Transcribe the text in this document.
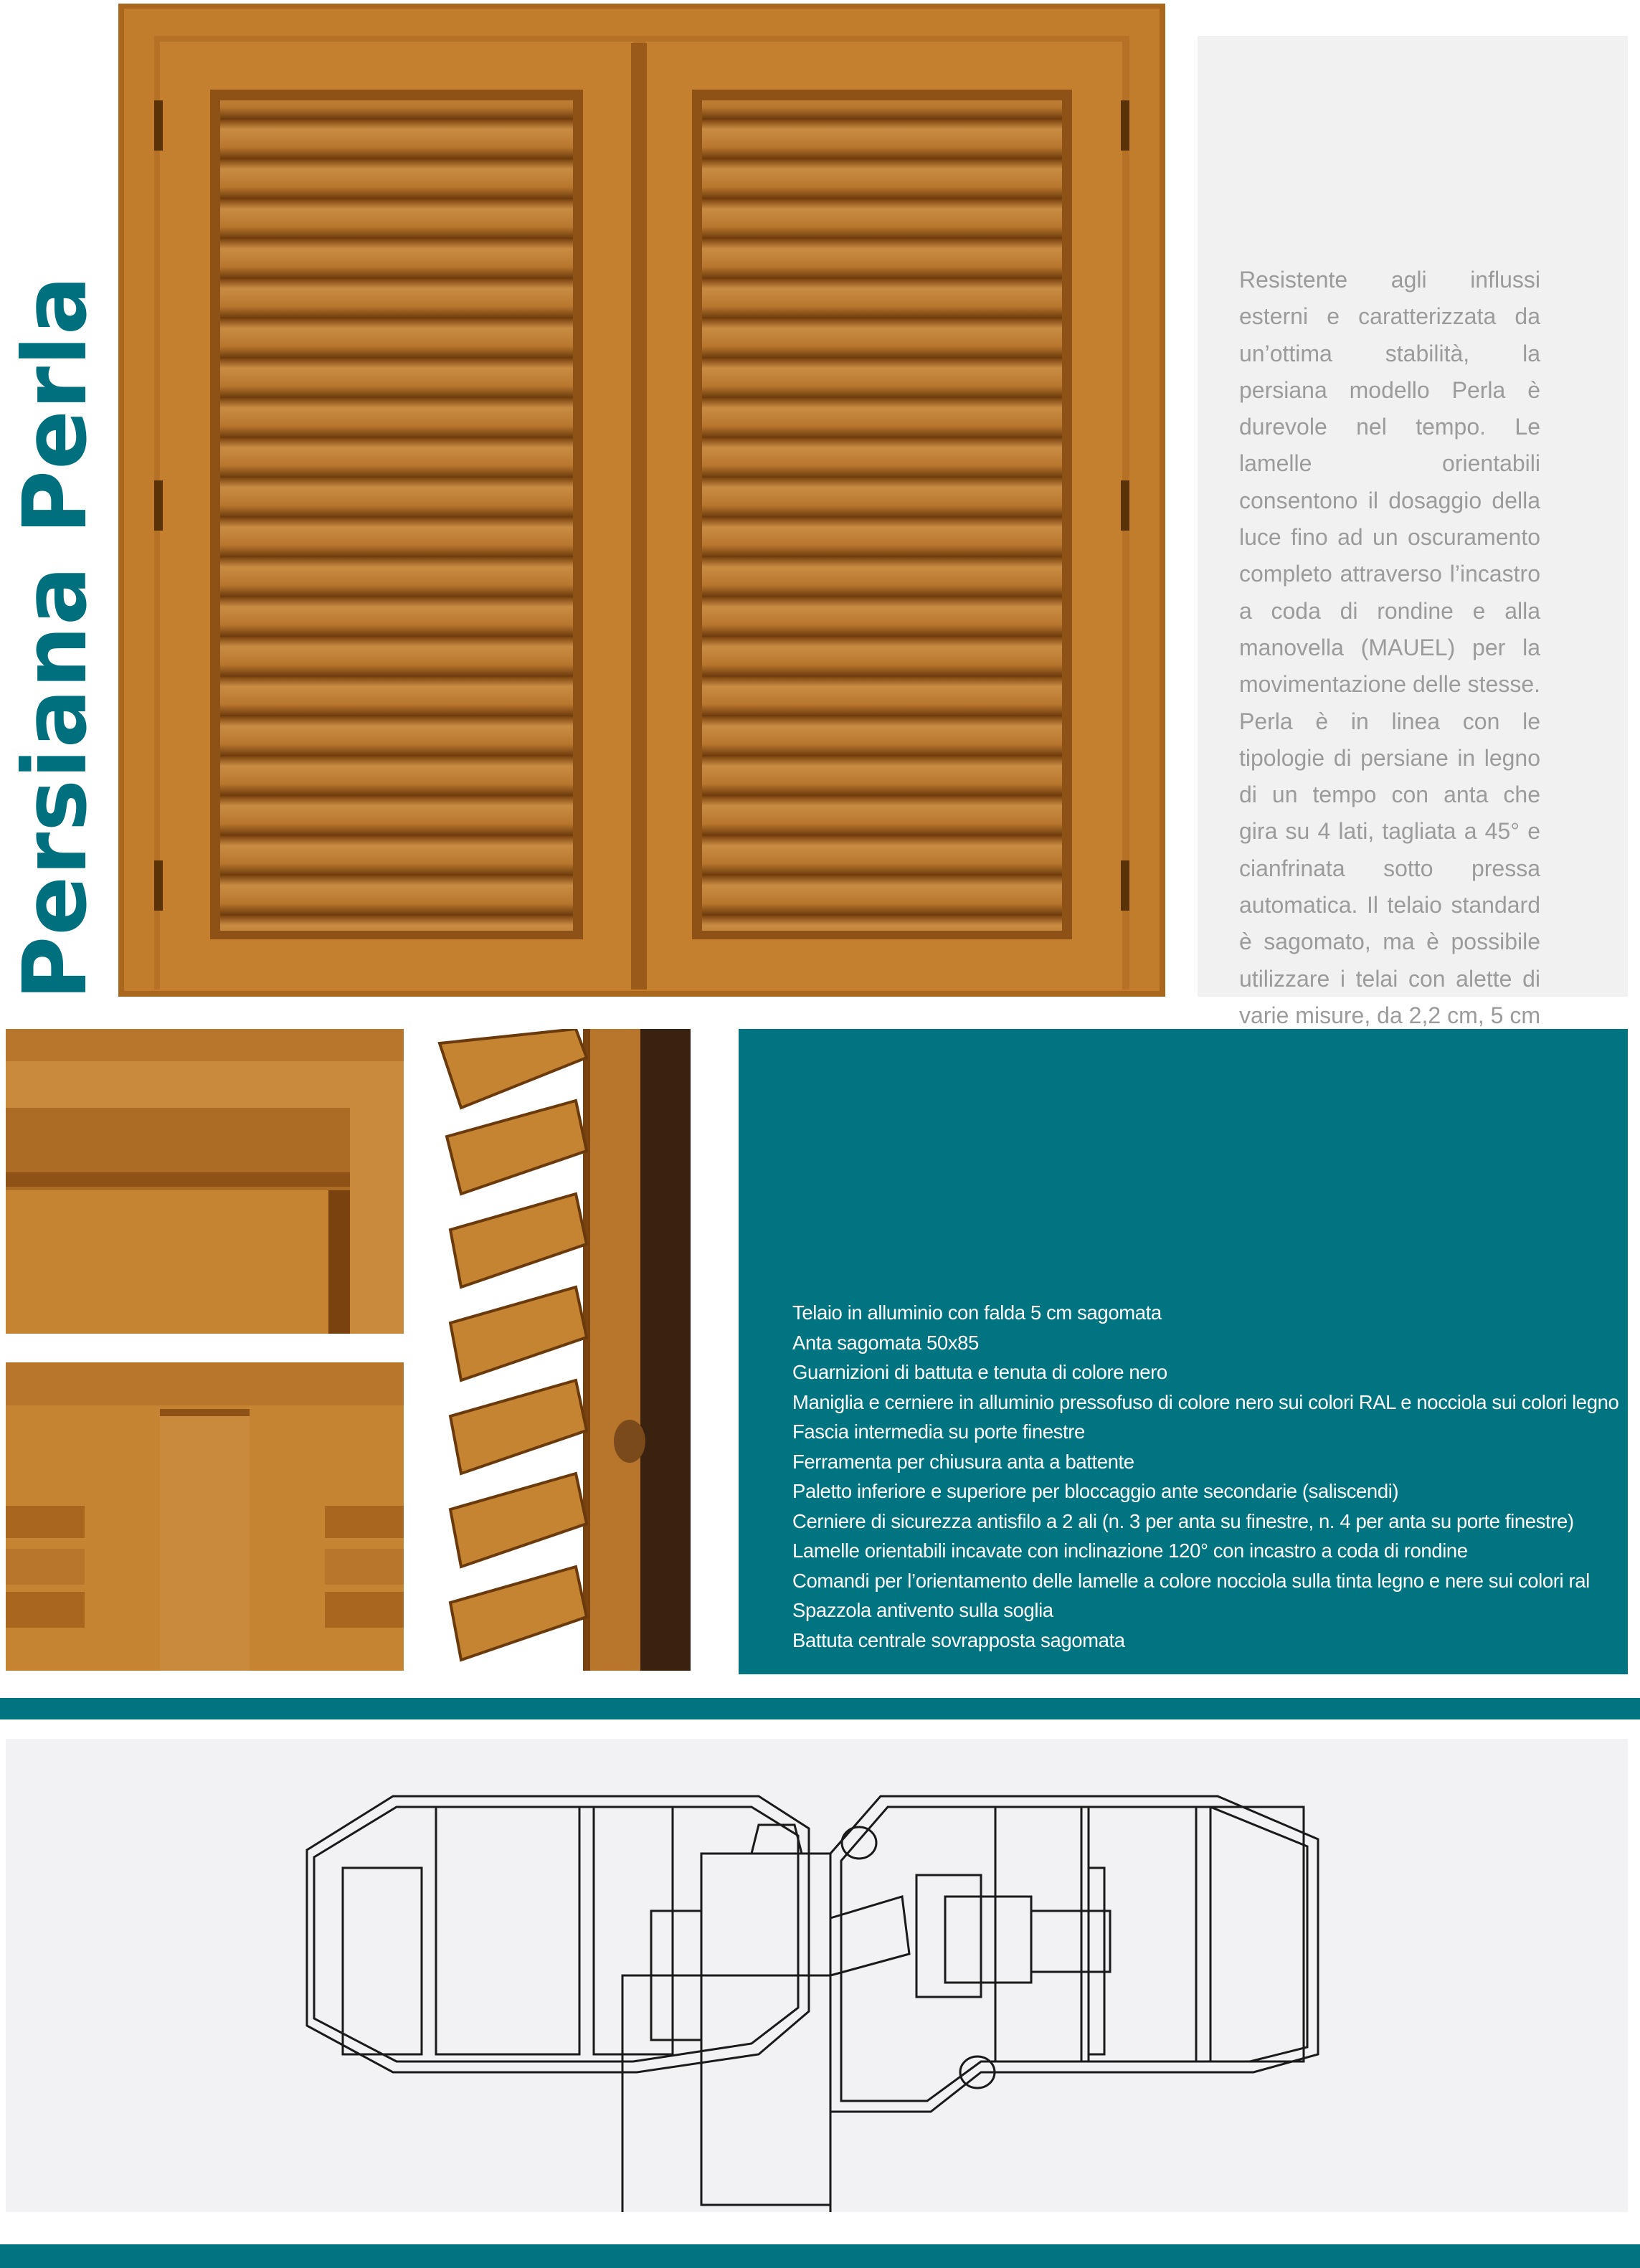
Persiana Perla	Resistente agli influssi esterni e caratterizzata da un’ottima stabilità, la persiana modello Perla è durevole nel tempo. Le lamelle orientabili consentono il dosaggio della luce fino ad un oscuramento completo attraverso l’incastro a coda di rondine e alla manovella (MAUEL) per la movimentazione delle stesse. Perla è in linea con le tipologie di persiane in legno di un tempo con anta che gira su 4 lati, tagliata a 45° e cianfrinata sotto pressa automatica. Il telaio standard è sagomato, ma è possibile utilizzare i telai con alette di varie misure, da 2,2 cm, 5 cm

Telaio in alluminio con falda 5 cm sagomata
Anta sagomata 50x85
Guarnizioni di battuta e tenuta di colore nero
Maniglia e cerniere in alluminio pressofuso di colore nero sui colori RAL e nocciola sui colori legno
Fascia intermedia su porte finestre
Ferramenta per chiusura anta a battente
Paletto inferiore e superiore per bloccaggio ante secondarie (saliscendi)
Cerniere di sicurezza antisfilo a 2 ali (n. 3 per anta su finestre, n. 4 per anta su porte finestre)
Lamelle orientabili incavate con inclinazione 120° con incastro a coda di rondine
Comandi per l’orientamento delle lamelle a colore nocciola sulla tinta legno e nere sui colori ral
Spazzola antivento sulla soglia
Battuta centrale sovrapposta sagomata
